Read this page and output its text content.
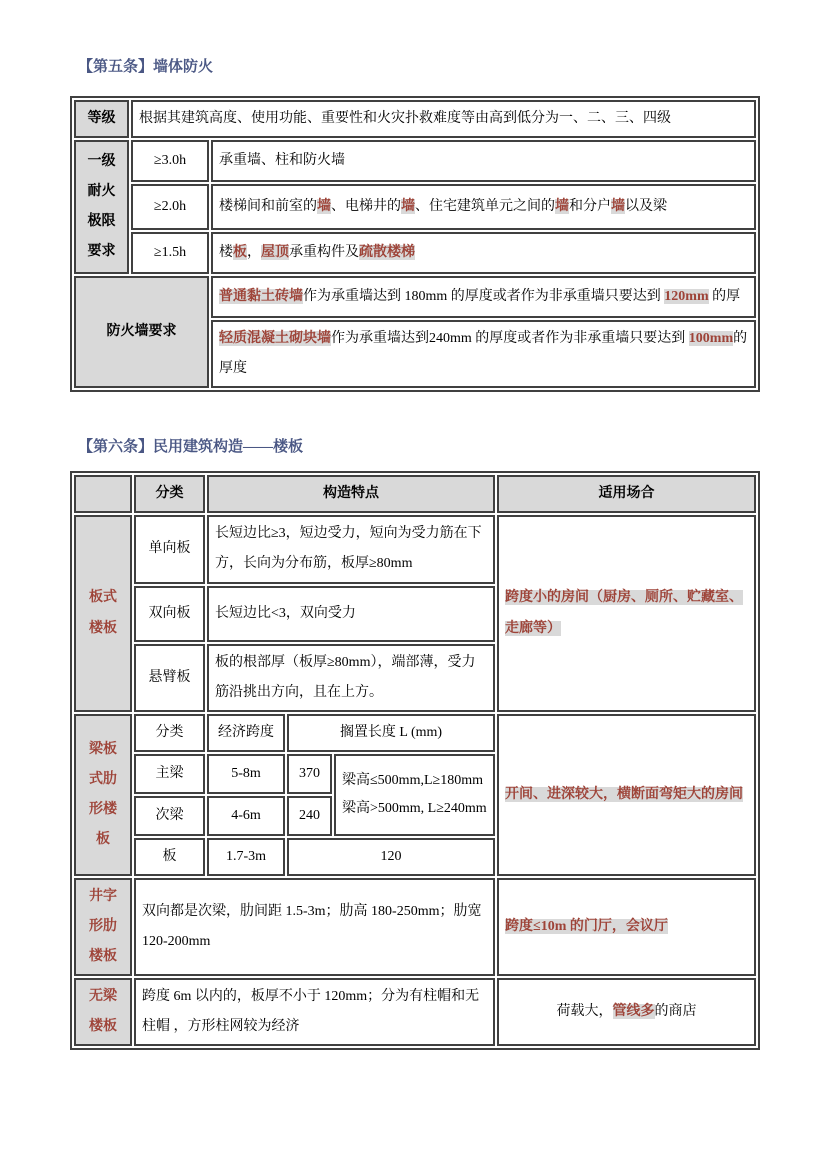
【第五条】墙体防火
等级	根据其建筑高度、使用功能、重要性和火灾扑救难度等由高到低分为一、二、三、四级	
一级
耐火
极限
要求	≥3.0h	承重墙、柱和防火墙
	≥2.0h	楼梯间和前室的墙、电梯井的墙、住宅建筑单元之间的墙和分户墙以及梁
	≥1.5h	楼板，屋顶承重构件及疏散楼梯
防火墙要求		普通黏土砖墙作为承重墙达到 180mm 的厚度或者作为非承重墙只要达到 120mm 的厚
		轻质混凝土砌块墙作为承重墙达到240mm 的厚度或者作为非承重墙只要达到 100mm的厚度
【第六条】民用建筑构造——楼板
	分类	构造特点			适用场合
板式
楼板	单向板	长短边比≥3，短边受力，短向为受力筋在下方，长向为分布筋，板厚≥80mm			跨度小的房间（厨房、厕所、贮藏室、走廊等）
	双向板	长短边比<3，双向受力			
	悬臂板	板的根部厚（板厚≥80mm），端部薄，受力筋沿挑出方向，且在上方。			
梁板
式肋
形楼
板	分类	经济跨度	搁置长度 L (mm)		开间、进深较大，横断面弯矩大的房间
	主梁	5-8m	370	梁高≤500mm,L≥180mm
梁高>500mm, L≥240mm	
	次梁	4-6m	240		
	板	1.7-3m	120		
井字
形肋
楼板	双向都是次梁，肋间距 1.5-3m；肋高 180-250mm；肋宽 120-200mm				跨度≤10m 的门厅，会议厅
无梁
楼板	跨度 6m 以内的，板厚不小于 120mm；分为有柱帽和无柱帽 ，方形柱网较为经济				荷载大，管线多的商店
